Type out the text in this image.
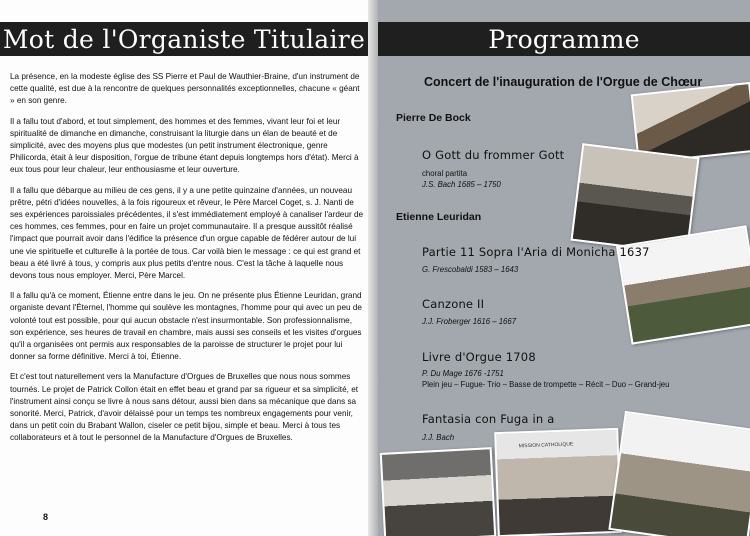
Mot de l'Organiste Titulaire

La présence, en la modeste église des SS Pierre et Paul de Wauthier-Braine, d'un instrument de cette qualité, est due à la rencontre de quelques personnalités exceptionnelles, chacune « géant » en son genre.

Il a fallu tout d'abord, et tout simplement, des hommes et des femmes, vivant leur foi et leur spiritualité de dimanche en dimanche, construisant la liturgie dans un élan de beauté et de simplicité, avec des moyens plus que modestes (un petit instrument électronique, genre Philicorda, était à leur disposition, l'orgue de tribune étant depuis longtemps hors d'état). Merci à eux tous pour leur chaleur, leur enthousiasme et leur ouverture.

Il a fallu que débarque au milieu de ces gens, il y a une petite quinzaine d'années, un nouveau prêtre, pétri d'idées nouvelles, à la fois rigoureux et rêveur, le Père Marcel Coget, s. J. Nanti de ses expériences paroissiales précédentes, il s'est immédiatement employé à canaliser l'ardeur de ces hommes, ces femmes, pour en faire un projet communautaire. Il a presque aussitôt réalisé l'impact que pourrait avoir dans l'édifice la présence d'un orgue capable de fédérer autour de lui une vie spirituelle et culturelle à la portée de tous. Car voilà bien le message : ce qui est grand et beau a été livré à tous, y compris aux plus petits d'entre nous. C'est la tâche à laquelle nous devons tous nous employer. Merci, Père Marcel.

Il a fallu qu'à ce moment, Étienne entre dans le jeu. On ne présente plus Étienne Leuridan, grand organiste devant l'Éternel, l'homme qui soulève les montagnes, l'homme pour qui avec un peu de volonté tout est possible, pour qui aucun obstacle n'est insurmontable. Son professionnalisme, son expérience, ses heures de travail en chambre, mais aussi ses conseils et les visites d'orgues qu'il a organisées ont permis aux responsables de la paroisse de structurer le projet pour lui donner sa forme définitive. Merci à toi, Étienne.

Et c'est tout naturellement vers la Manufacture d'Orgues de Bruxelles que nous nous sommes tournés. Le projet de Patrick Collon était en effet beau et grand par sa rigueur et sa simplicité, et l'instrument ainsi conçu se livre à nous sans détour, aussi bien dans sa mécanique que dans sa sonorité. Merci, Patrick, d'avoir délaissé pour un temps tes nombreux engagements pour venir, dans un petit coin du Brabant Wallon, ciseler ce petit bijou, simple et beau. Merci à tous tes collaborateurs et à tout le personnel de la Manufacture d'Orgues de Bruxelles.

8
Programme
MISSION CATHOLIQUE
Concert de l'inauguration de l'Orgue de Chœur
Pierre De Bock
O Gott du frommer Gott
choral partita
J.S. Bach 1685 – 1750
Etienne Leuridan
Partie 11 Sopra l'Aria di Monicha 1637
G. Frescobaldi 1583 – 1643
Canzone II
J.J. Froberger 1616 – 1667
Livre d'Orgue 1708
P. Du Mage 1676 -1751
Plein jeu – Fugue- Trio – Basse de trompette – Récit – Duo – Grand-jeu
Fantasia con Fuga in a
J.J. Bach
